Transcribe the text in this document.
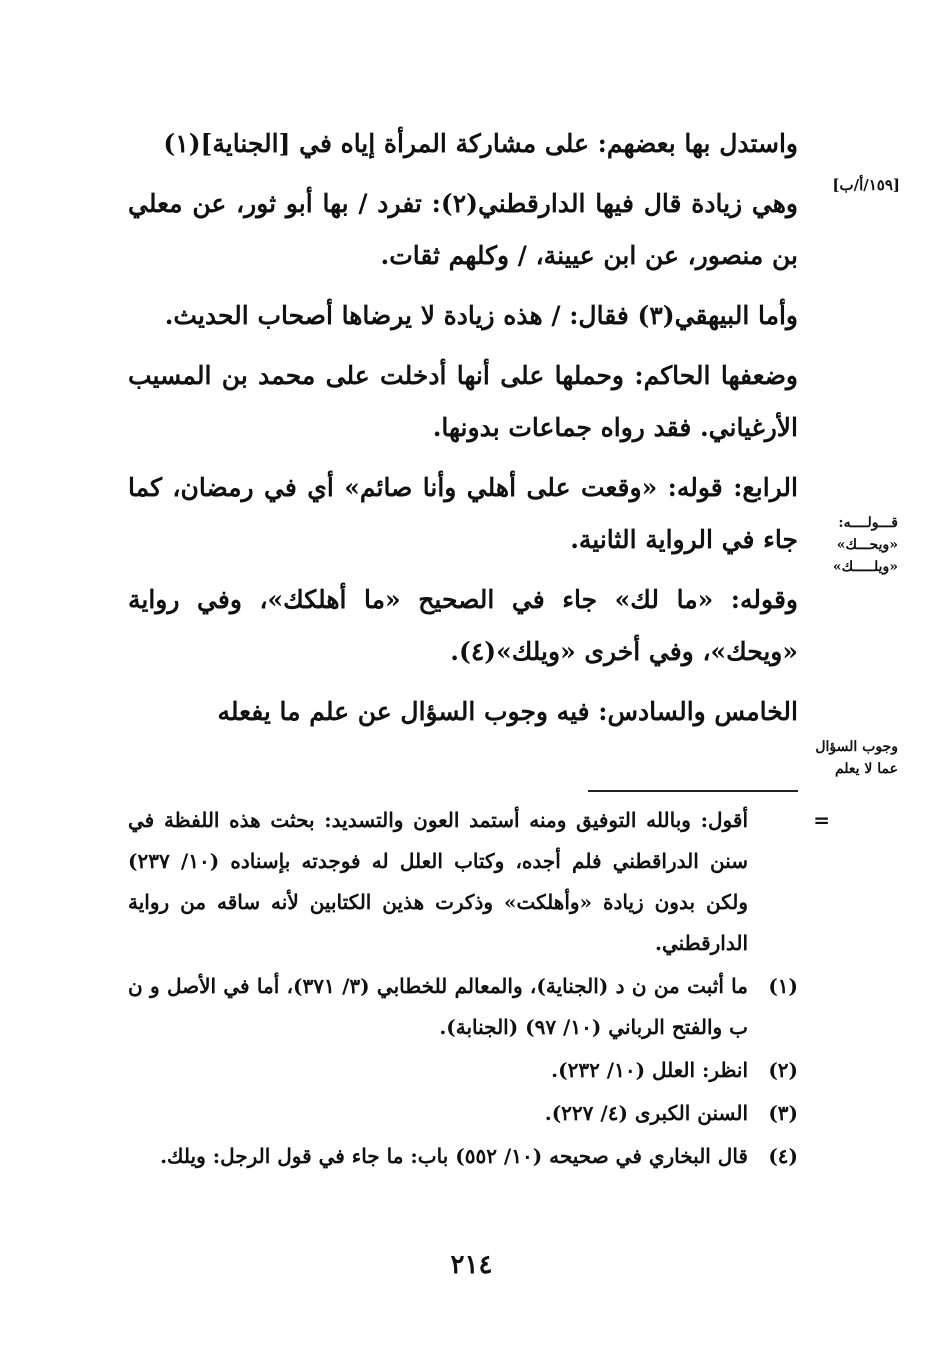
واستدل بها بعضهم: على مشاركة المرأة إياه في [الجناية](١)

وهي زيادة قال فيها الدارقطني(٢): تفرد / بها أبو ثور، عن معلي بن منصور، عن ابن عيينة، / وكلهم ثقات.

وأما البيهقي(٣) فقال: / هذه زيادة لا يرضاها أصحاب الحديث.

وضعفها الحاكم: وحملها على أنها أدخلت على محمد بن المسيب الأرغياني. فقد رواه جماعات بدونها.

الرابع: قوله: «وقعت على أهلي وأنا صائم» أي في رمضان، كما جاء في الرواية الثانية.

وقوله: «ما لك» جاء في الصحيح «ما أهلكك»، وفي رواية «ويحك»، وفي أخرى «ويلك»(٤).

الخامس والسادس: فيه وجوب السؤال عن علم ما يفعله

[١٥٩/أ/ب]
قـــولــــه: «ويحـــك» «ويلـــــك»
وجوب السؤال عما لا يعلم

=
أقول: وبالله التوفيق ومنه أستمد العون والتسديد: بحثت هذه اللفظة في سنن الدراقطني فلم أجده، وكتاب العلل له فوجدته بإسناده (١٠/ ٢٣٧) ولكن بدون زيادة «وأهلكت» وذكرت هذين الكتابين لأنه ساقه من رواية الدارقطني.

(١)
ما أثبت من ن د (الجناية)، والمعالم للخطابي (٣/ ٣٧١)، أما في الأصل و ن ب والفتح الرباني (١٠/ ٩٧) (الجنابة).

(٢)
انظر: العلل (١٠/ ٢٣٢).

(٣)
السنن الكبرى (٤/ ٢٢٧).

(٤)
قال البخاري في صحيحه (١٠/ ٥٥٢) باب: ما جاء في قول الرجل: ويلك.

٢١٤
